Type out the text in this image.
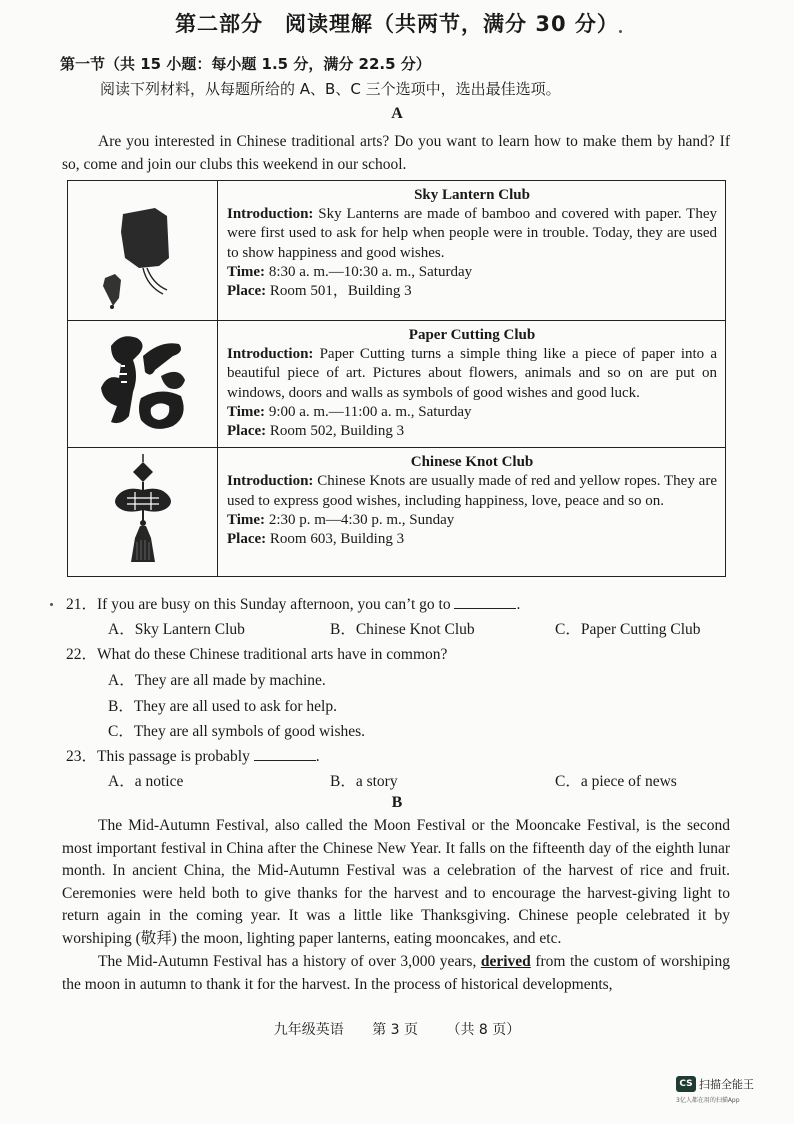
第二部分　阅读理解（共两节，满分 30 分）
第一节（共 15 小题：每小题 1.5 分，满分 22.5 分）
阅读下列材料，从每题所给的 A、B、C 三个选项中，选出最佳选项。
A
Are you interested in Chinese traditional arts? Do you want to learn how to make them by hand? If so, come and join our clubs this weekend in our school.

Sky Lantern Club
Introduction: Sky Lanterns are made of bamboo and covered with paper. They were first used to ask for help when people were in trouble. Today, they are used to show happiness and good wishes.
Time: 8:30 a. m.—10:30 a. m., Saturday
Place: Room 501，Building 3

Paper Cutting Club
Introduction: Paper Cutting turns a simple thing like a piece of paper into a beautiful piece of art. Pictures about flowers, animals and so on are put on windows, doors and walls as symbols of good wishes and good luck.
Time: 9:00 a. m.—11:00 a. m., Saturday
Place: Room 502, Building 3

Chinese Knot Club
Introduction: Chinese Knots are usually made of red and yellow ropes. They are used to express good wishes, including happiness, love, peace and so on.
Time: 2:30 p. m—4:30 p. m., Sunday
Place: Room 603, Building 3
21．If you are busy on this Sunday afternoon, you can’t go to	.
A．Sky Lantern Club	B．Chinese Knot Club	C．Paper Cutting Club
22．What do these Chinese traditional arts have in common?
A．They are all made by machine.
B．They are all used to ask for help.
C．They are all symbols of good wishes.
23．This passage is probably	.
A．a notice	B．a story	C．a piece of news
B
The Mid-Autumn Festival, also called the Moon Festival or the Mooncake Festival, is the second most important festival in China after the Chinese New Year. It falls on the fifteenth day of the eighth lunar month. In ancient China, the Mid-Autumn Festival was a celebration of the harvest of rice and fruit. Ceremonies were held both to give thanks for the harvest and to encourage the harvest-giving light to return again in the coming year. It was a little like Thanksgiving. Chinese people celebrated it by worshiping (敬拜) the moon, lighting paper lanterns, eating mooncakes, and etc.
The Mid-Autumn Festival has a history of over 3,000 years, derived from the custom of worshiping the moon in autumn to thank it for the harvest. In the process of historical developments,
九年级英语 第 3 页 （共 8 页）
CS 扫描全能王
3亿人都在用的扫描App
